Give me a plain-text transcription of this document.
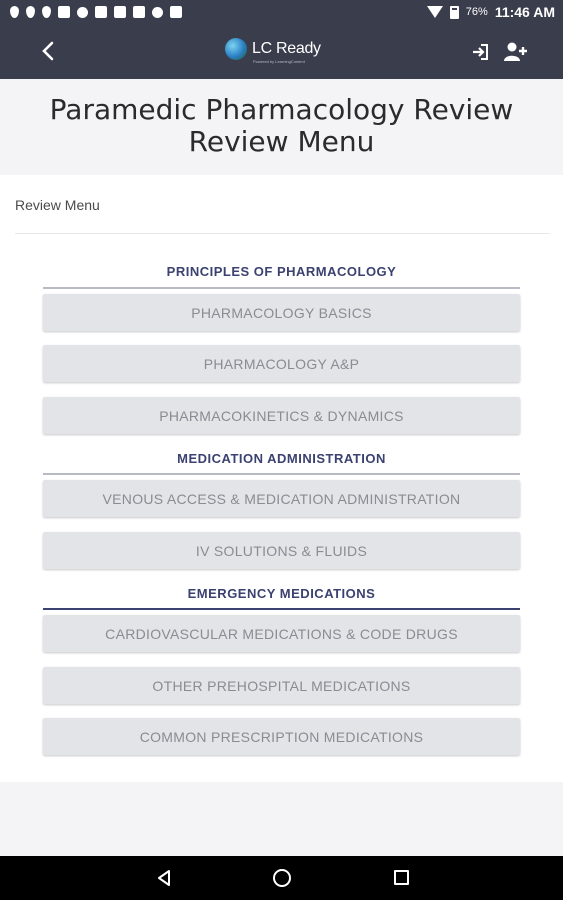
76% 11:46 AM
LC Ready
Powered by LearningContent
Paramedic Pharmacology Review
Review Menu
Review Menu
PRINCIPLES OF PHARMACOLOGY
PHARMACOLOGY BASICS
PHARMACOLOGY A&P
PHARMACOKINETICS & DYNAMICS
MEDICATION ADMINISTRATION
VENOUS ACCESS & MEDICATION ADMINISTRATION
IV SOLUTIONS & FLUIDS
EMERGENCY MEDICATIONS
CARDIOVASCULAR MEDICATIONS & CODE DRUGS
OTHER PREHOSPITAL MEDICATIONS
COMMON PRESCRIPTION MEDICATIONS
